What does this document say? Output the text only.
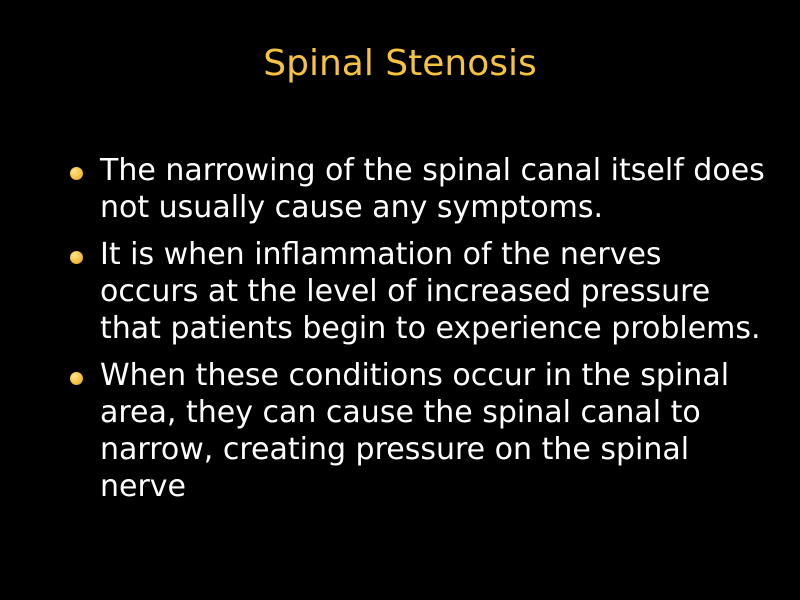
Spinal Stenosis
The narrowing of the spinal canal itself does not usually cause any symptoms.
It is when inflammation of the nerves occurs at the level of increased pressure that patients begin to experience problems.
When these conditions occur in the spinal area, they can cause the spinal canal to narrow, creating pressure on the spinal nerve
